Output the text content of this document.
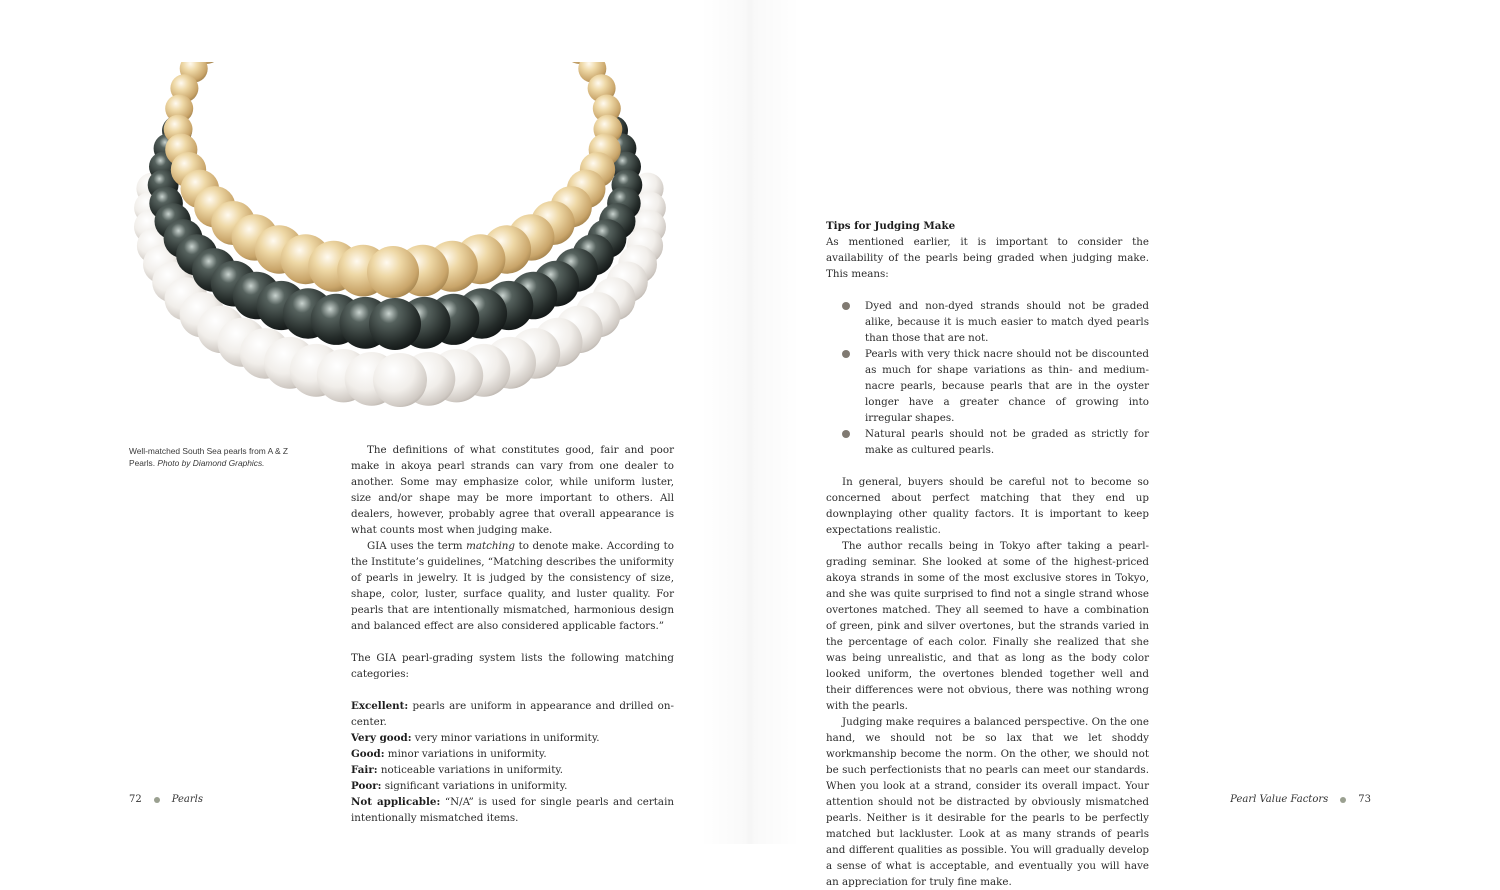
Well-matched South Sea pearls from A & Z Pearls. Photo by Diamond Graphics.

The definitions of what constitutes good, fair and poor make in akoya pearl strands can vary from one dealer to another. Some may emphasize color, while uniform luster, size and/or shape may be more important to others. All dealers, however, probably agree that overall appearance is what counts most when judging make.

GIA uses the term matching to denote make. According to the Institute’s guidelines, “Matching describes the uniformity of pearls in jewelry. It is judged by the consistency of size, shape, color, luster, surface quality, and luster quality. For pearls that are intentionally mismatched, harmonious design and balanced effect are also considered applicable factors.”

The GIA pearl-grading system lists the following matching categories:

Excellent: pearls are uniform in appearance and drilled on-center.

Very good: very minor variations in uniformity.

Good: minor variations in uniformity.

Fair: noticeable variations in uniformity.

Poor: significant variations in uniformity.

Not applicable: “N/A” is used for single pearls and certain intentionally mismatched items.

Tips for Judging Make

As mentioned earlier, it is important to consider the availability of the pearls being graded when judging make. This means:

Dyed and non-dyed strands should not be graded alike, because it is much easier to match dyed pearls than those that are not.
Pearls with very thick nacre should not be discounted as much for shape variations as thin- and medium-nacre pearls, because pearls that are in the oyster longer have a greater chance of growing into irregular shapes.
Natural pearls should not be graded as strictly for make as cultured pearls.

In general, buyers should be careful not to become so concerned about perfect matching that they end up downplaying other quality factors. It is important to keep expectations realistic.

The author recalls being in Tokyo after taking a pearl-grading seminar. She looked at some of the highest-priced akoya strands in some of the most exclusive stores in Tokyo, and she was quite surprised to find not a single strand whose overtones matched. They all seemed to have a combination of green, pink and silver overtones, but the strands varied in the percentage of each color. Finally she realized that she was being unrealistic, and that as long as the body color looked uniform, the overtones blended together well and their differences were not obvious, there was nothing wrong with the pearls.

Judging make requires a balanced perspective. On the one hand, we should not be so lax that we let shoddy workmanship become the norm. On the other, we should not be such perfectionists that no pearls can meet our standards. When you look at a strand, consider its overall impact. Your attention should not be distracted by obviously mismatched pearls. Neither is it desirable for the pearls to be perfectly matched but lackluster. Look at as many strands of pearls and different qualities as possible. You will gradually develop a sense of what is acceptable, and eventually you will have an appreciation for truly fine make.

72	Pearls	Pearl Value Factors	73
